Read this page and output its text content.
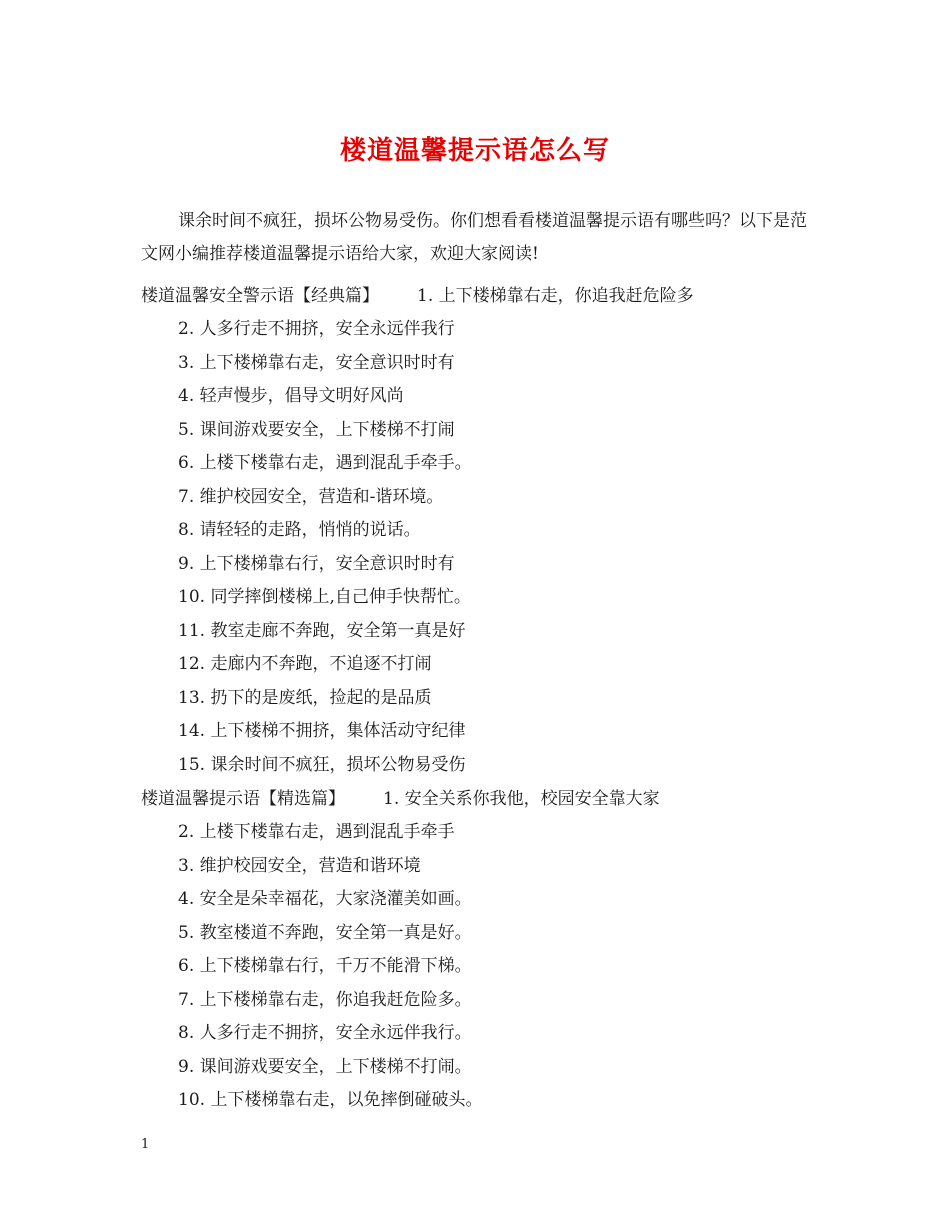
楼道温馨提示语怎么写
课余时间不疯狂，损坏公物易受伤。你们想看看楼道温馨提示语有哪些吗？以下是范文网小编推荐楼道温馨提示语给大家，欢迎大家阅读!
楼道温馨安全警示语【经典篇】 1. 上下楼梯靠右走，你追我赶危险多
2. 人多行走不拥挤，安全永远伴我行
3. 上下楼梯靠右走，安全意识时时有
4. 轻声慢步，倡导文明好风尚
5. 课间游戏要安全，上下楼梯不打闹
6. 上楼下楼靠右走，遇到混乱手牵手。
7. 维护校园安全，营造和-谐环境。
8. 请轻轻的走路，悄悄的说话。
9. 上下楼梯靠右行，安全意识时时有
10. 同学摔倒楼梯上,自己伸手快帮忙。
11. 教室走廊不奔跑，安全第一真是好
12. 走廊内不奔跑，不追逐不打闹
13. 扔下的是废纸，捡起的是品质
14. 上下楼梯不拥挤，集体活动守纪律
15. 课余时间不疯狂，损坏公物易受伤
楼道温馨提示语【精选篇】 1. 安全关系你我他，校园安全靠大家
2. 上楼下楼靠右走，遇到混乱手牵手
3. 维护校园安全，营造和谐环境
4. 安全是朵幸福花，大家浇灌美如画。
5. 教室楼道不奔跑，安全第一真是好。
6. 上下楼梯靠右行，千万不能滑下梯。
7. 上下楼梯靠右走，你追我赶危险多。
8. 人多行走不拥挤，安全永远伴我行。
9. 课间游戏要安全，上下楼梯不打闹。
10. 上下楼梯靠右走，以免摔倒碰破头。
1
